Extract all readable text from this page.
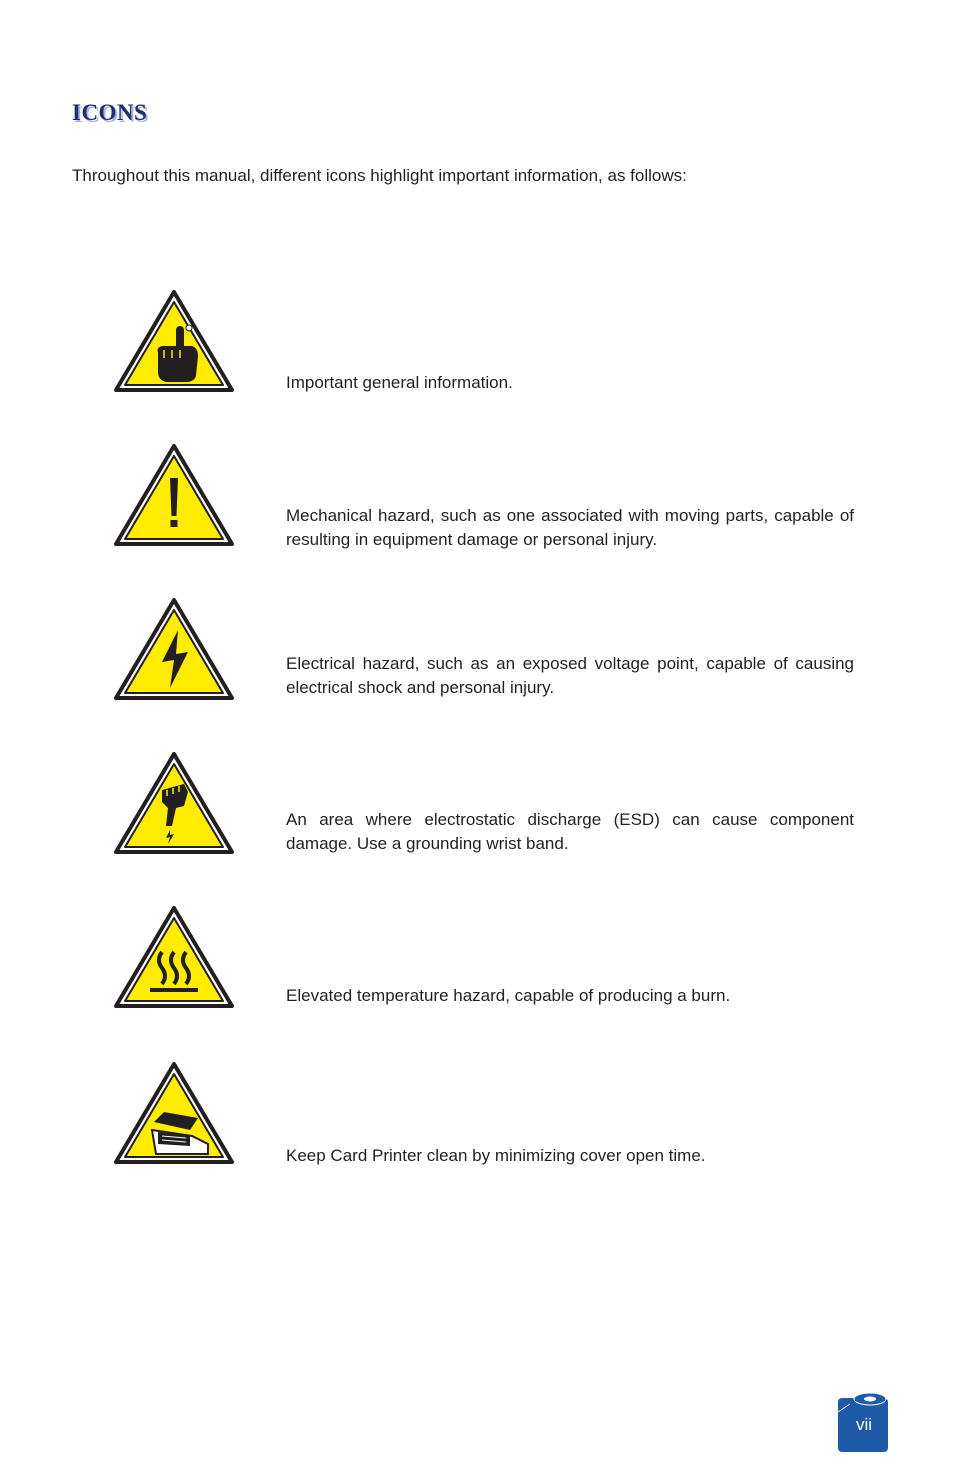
ICONS
Throughout this manual, different icons highlight important information, as follows:
Important general information.
Mechanical hazard, such as one associated with moving parts, capable of resulting in equipment damage or personal injury.
Electrical hazard, such as an exposed voltage point, capable of causing electrical shock and personal injury.
An area where electrostatic discharge (ESD) can cause component damage. Use a grounding wrist band.
Elevated temperature hazard, capable of producing a burn.
Keep Card Printer clean by minimizing cover open time.
vii
